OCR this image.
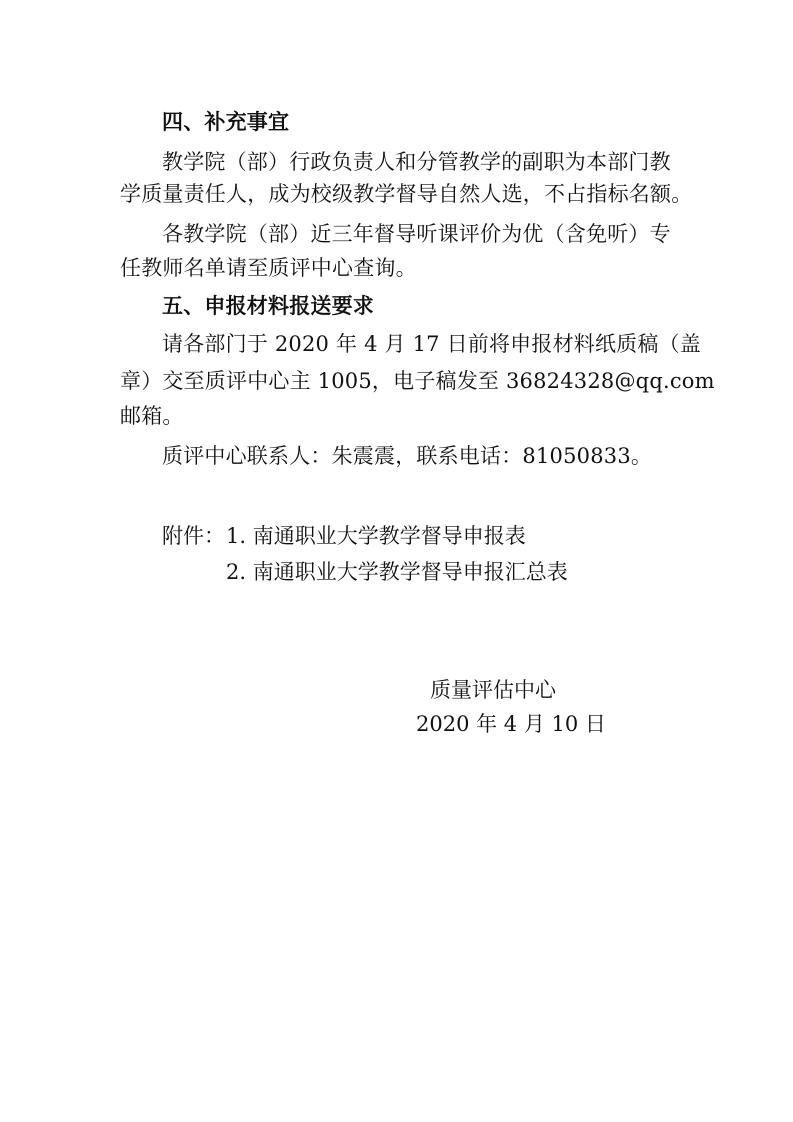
四、补充事宜
教学院（部）行政负责人和分管教学的副职为本部门教
学质量责任人，成为校级教学督导自然人选，不占指标名额。
各教学院（部）近三年督导听课评价为优（含免听）专
任教师名单请至质评中心查询。
五、申报材料报送要求
请各部门于 2020 年 4 月 17 日前将申报材料纸质稿（盖
章）交至质评中心主 1005，电子稿发至 36824328@qq.com
邮箱。
质评中心联系人：朱震震，联系电话：81050833。
附件： 1. 南通职业大学教学督导申报表
2. 南通职业大学教学督导申报汇总表
质量评估中心
2020 年 4 月 10 日
